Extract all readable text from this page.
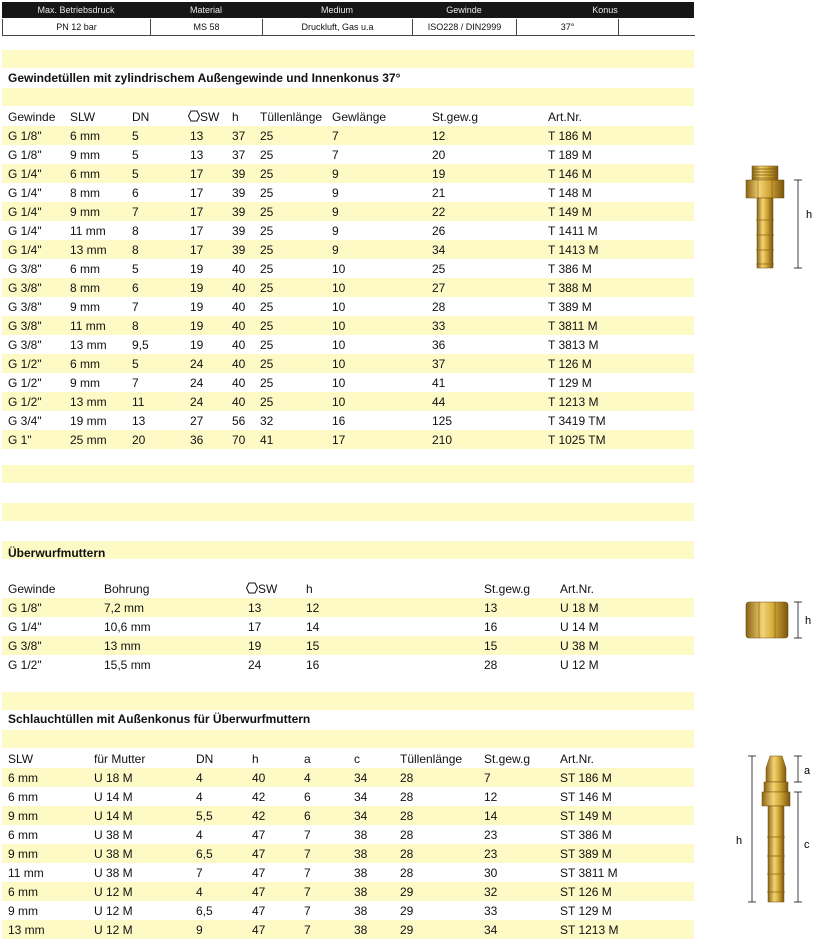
Max. Betriebsdruck	Material	Medium	Gewinde	Konus
PN 12 bar	MS 58	Druckluft, Gas u.a	ISO228 / DIN2999	37°
Gewindetüllen mit zylindrischem Außengewinde und Innenkonus 37°
Überwurfmuttern
Schlauchtüllen mit Außenkonus für Überwurfmuttern
Gewinde SLW	DN	SW h Tüllenlänge Gewlänge	St.gew.g	Art.Nr.
G 1/8" 6 mm	5	13 37 25	7	12	T 186 M
G 1/8" 9 mm	5	13 37 25	7	20	T 189 M
G 1/4" 6 mm	5	17 39 25	9	19	T 146 M
G 1/4" 8 mm	6	17 39 25	9	21	T 148 M
G 1/4" 9 mm	7	17 39 25	9	22	T 149 M
G 1/4" 11 mm 8	17 39 25	9	26	T 1411 M
G 1/4" 13 mm 8	17 39 25	9	34	T 1413 M
G 3/8" 6 mm	5	19 40 25	10	25	T 386 M
G 3/8" 8 mm	6	19 40 25	10	27	T 388 M
G 3/8" 9 mm	7	19 40 25	10	28	T 389 M
G 3/8" 11 mm 8	19 40 25	10	33	T 3811 M
G 3/8" 13 mm 9,5	19 40 25	10	36	T 3813 M
G 1/2" 6 mm	5	24 40 25	10	37	T 126 M
G 1/2" 9 mm	7	24 40 25	10	41	T 129 M
G 1/2" 13 mm 11	24 40 25	10	44	T 1213 M
G 3/4" 19 mm 13	27 56 32	16	125	T 3419 TM
G 1"	25 mm 20	36 70 41	17	210	T 1025 TM
Gewinde	Bohrung	SW h	St.gew.g Art.Nr.
G 1/8"	7,2 mm	13	12	13	U 18 M
G 1/4"	10,6 mm	17	14	16	U 14 M
G 3/8"	13 mm	19	15	15	U 38 M
G 1/2"	15,5 mm	24	16	28	U 12 M
SLW	für Mutter	DN	h	a	c	Tüllenlänge St.gew.g Art.Nr.
6 mm	U 18 M	4	40	4	34	28	7	ST 186 M
6 mm	U 14 M	4	42	6	34	28	12	ST 146 M
9 mm	U 14 M	5,5	42	6	34	28	14	ST 149 M
6 mm	U 38 M	4	47	7	38	28	23	ST 386 M
9 mm	U 38 M	6,5	47	7	38	28	23	ST 389 M
11 mm	U 38 M	7	47	7	38	28	30	ST 3811 M
6 mm	U 12 M	4	47	7	38	29	32	ST 126 M
9 mm	U 12 M	6,5	47	7	38	29	33	ST 129 M
13 mm	U 12 M	9	47	7	38	29	34	ST 1213 M
h
h
h
a
c
